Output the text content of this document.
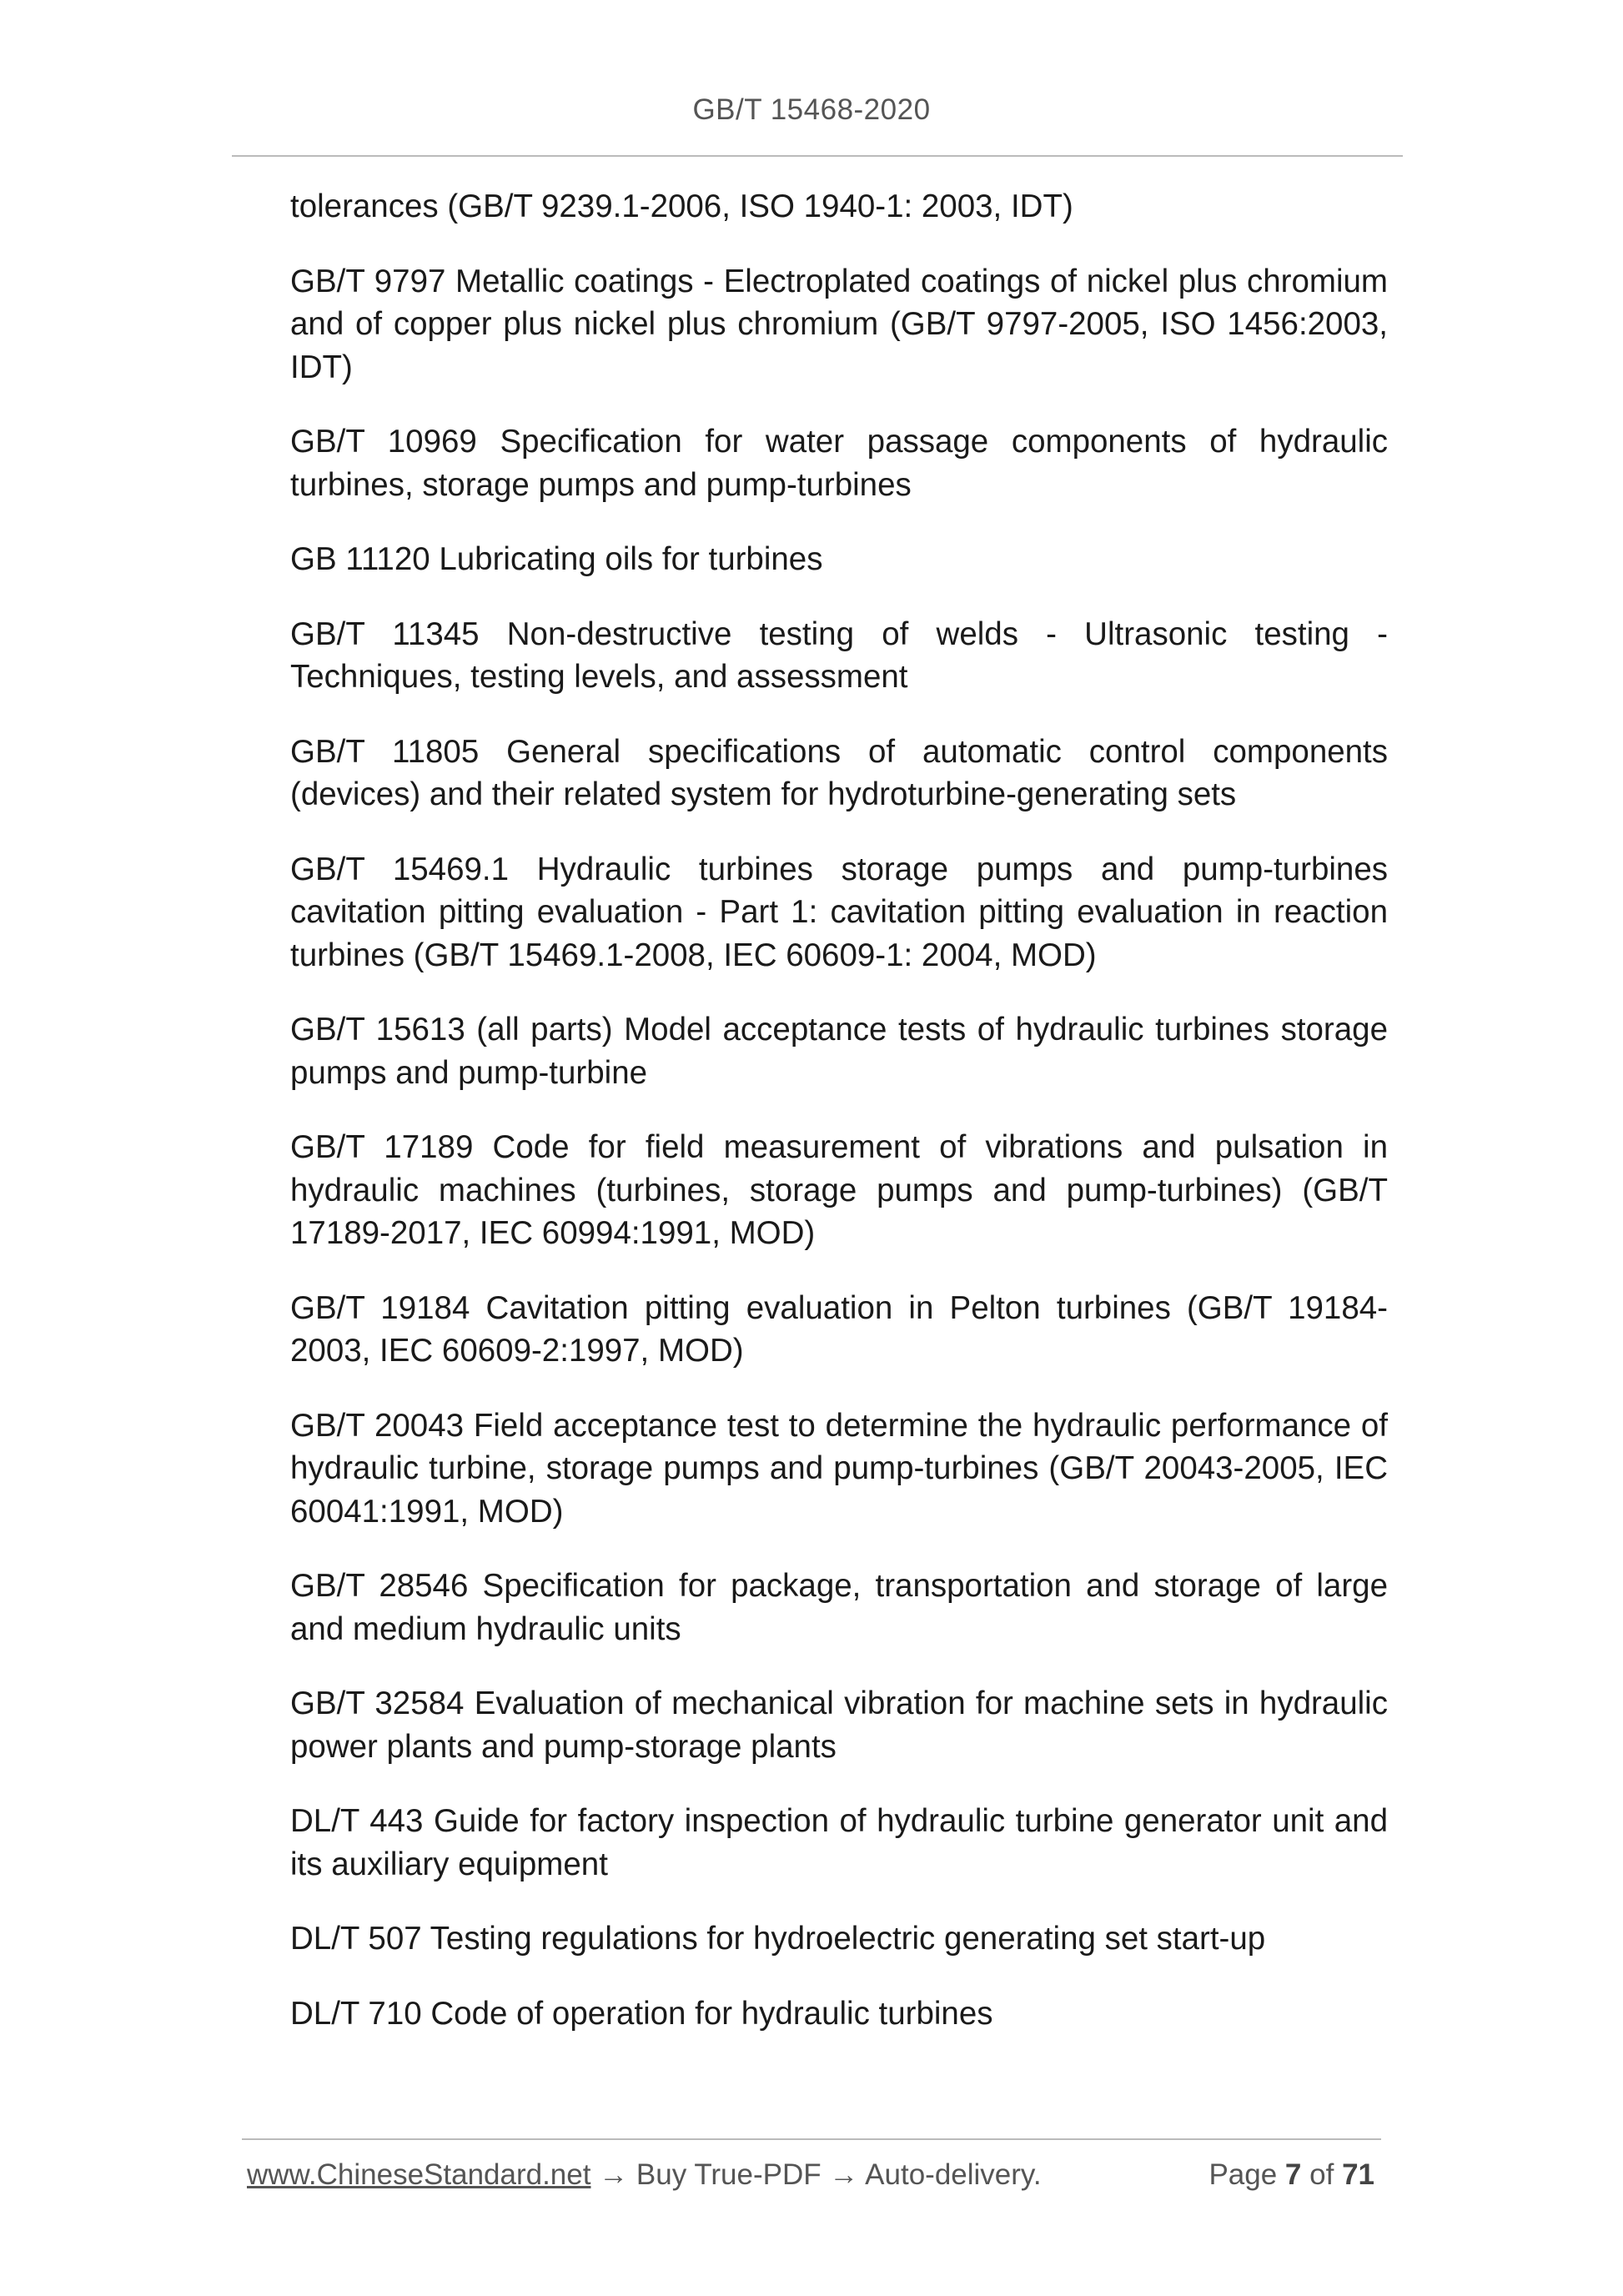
GB/T 15468-2020

tolerances (GB/T 9239.1-2006, ISO 1940-1: 2003, IDT)

GB/T 9797 Metallic coatings - Electroplated coatings of nickel plus chromium and of copper plus nickel plus chromium (GB/T 9797-2005, ISO 1456:2003, IDT)

GB/T 10969 Specification for water passage components of hydraulic turbines, storage pumps and pump-turbines

GB 11120 Lubricating oils for turbines

GB/T 11345 Non-destructive testing of welds - Ultrasonic testing - Techniques, testing levels, and assessment

GB/T 11805 General specifications of automatic control components (devices) and their related system for hydroturbine-generating sets

GB/T 15469.1 Hydraulic turbines storage pumps and pump-turbines cavitation pitting evaluation - Part 1: cavitation pitting evaluation in reaction turbines (GB/T 15469.1-2008, IEC 60609-1: 2004, MOD)

GB/T 15613 (all parts) Model acceptance tests of hydraulic turbines storage pumps and pump-turbine

GB/T 17189 Code for field measurement of vibrations and pulsation in hydraulic machines (turbines, storage pumps and pump-turbines) (GB/T 17189-2017, IEC 60994:1991, MOD)

GB/T 19184 Cavitation pitting evaluation in Pelton turbines (GB/T 19184-2003, IEC 60609-2:1997, MOD)

GB/T 20043 Field acceptance test to determine the hydraulic performance of hydraulic turbine, storage pumps and pump-turbines (GB/T 20043-2005, IEC 60041:1991, MOD)

GB/T 28546 Specification for package, transportation and storage of large and medium hydraulic units

GB/T 32584 Evaluation of mechanical vibration for machine sets in hydraulic power plants and pump-storage plants

DL/T 443 Guide for factory inspection of hydraulic turbine generator unit and its auxiliary equipment

DL/T 507 Testing regulations for hydroelectric generating set start-up

DL/T 710 Code of operation for hydraulic turbines

www.ChineseStandard.net → Buy True-PDF → Auto-delivery.	Page 7 of 71
